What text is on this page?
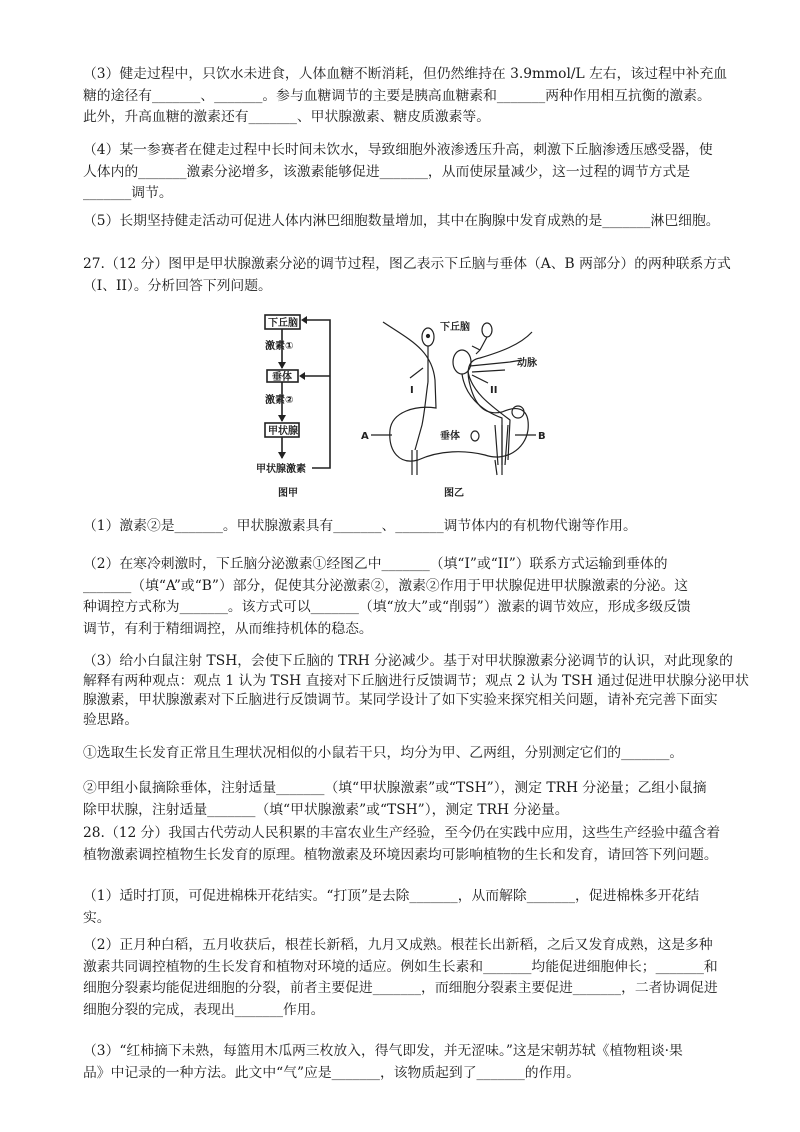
（3）健走过程中，只饮水未进食，人体血糖不断消耗，但仍然维持在 3.9mmol/L 左右，该过程中补充血
糖的途径有_______、_______。参与血糖调节的主要是胰高血糖素和_______两种作用相互抗衡的激素。
此外，升高血糖的激素还有_______、甲状腺激素、糖皮质激素等。
（4）某一参赛者在健走过程中长时间未饮水，导致细胞外液渗透压升高，刺激下丘脑渗透压感受器，使
人体内的_______激素分泌增多，该激素能够促进_______，从而使尿量减少，这一过程的调节方式是
_______调节。
（5）长期坚持健走活动可促进人体内淋巴细胞数量增加，其中在胸腺中发育成熟的是_______淋巴细胞。
27.（12 分）图甲是甲状腺激素分泌的调节过程，图乙表示下丘脑与垂体（A、B 两部分）的两种联系方式
（I、II）。分析回答下列问题。
下丘脑
激素①
垂体
激素②
甲状腺
甲状腺激素
图甲
下丘脑
动脉
I	II
A	垂体	B
图乙
（1）激素②是_______。甲状腺激素具有_______、_______调节体内的有机物代谢等作用。
（2）在寒冷刺激时，下丘脑分泌激素①经图乙中_______（填“I”或“II”）联系方式运输到垂体的
_______（填“A”或“B”）部分，促使其分泌激素②，激素②作用于甲状腺促进甲状腺激素的分泌。这
种调控方式称为_______。该方式可以_______（填“放大”或“削弱”）激素的调节效应，形成多级反馈
调节，有利于精细调控，从而维持机体的稳态。
（3）给小白鼠注射 TSH，会使下丘脑的 TRH 分泌减少。基于对甲状腺激素分泌调节的认识，对此现象的
解释有两种观点：观点 1 认为 TSH 直接对下丘脑进行反馈调节；观点 2 认为 TSH 通过促进甲状腺分泌甲状
腺激素，甲状腺激素对下丘脑进行反馈调节。某同学设计了如下实验来探究相关问题，请补充完善下面实
验思路。
①选取生长发育正常且生理状况相似的小鼠若干只，均分为甲、乙两组，分别测定它们的_______。
②甲组小鼠摘除垂体，注射适量_______（填“甲状腺激素”或“TSH”），测定 TRH 分泌量；乙组小鼠摘
除甲状腺，注射适量_______（填“甲状腺激素”或“TSH”），测定 TRH 分泌量。
28.（12 分）我国古代劳动人民积累的丰富农业生产经验，至今仍在实践中应用，这些生产经验中蕴含着
植物激素调控植物生长发育的原理。植物激素及环境因素均可影响植物的生长和发育，请回答下列问题。
（1）适时打顶，可促进棉株开花结实。“打顶”是去除_______，从而解除_______，促进棉株多开花结
实。
（2）正月种白稻，五月收获后，根茬长新稻，九月又成熟。根茬长出新稻，之后又发育成熟，这是多种
激素共同调控植物的生长发育和植物对环境的适应。例如生长素和_______均能促进细胞伸长；_______和
细胞分裂素均能促进细胞的分裂，前者主要促进_______，而细胞分裂素主要促进_______，二者协调促进
细胞分裂的完成，表现出_______作用。
（3）“红柿摘下未熟，每篮用木瓜两三枚放入，得气即发，并无涩味。”这是宋朝苏轼《植物粗谈·果
品》中记录的一种方法。此文中“气”应是_______，该物质起到了_______的作用。
